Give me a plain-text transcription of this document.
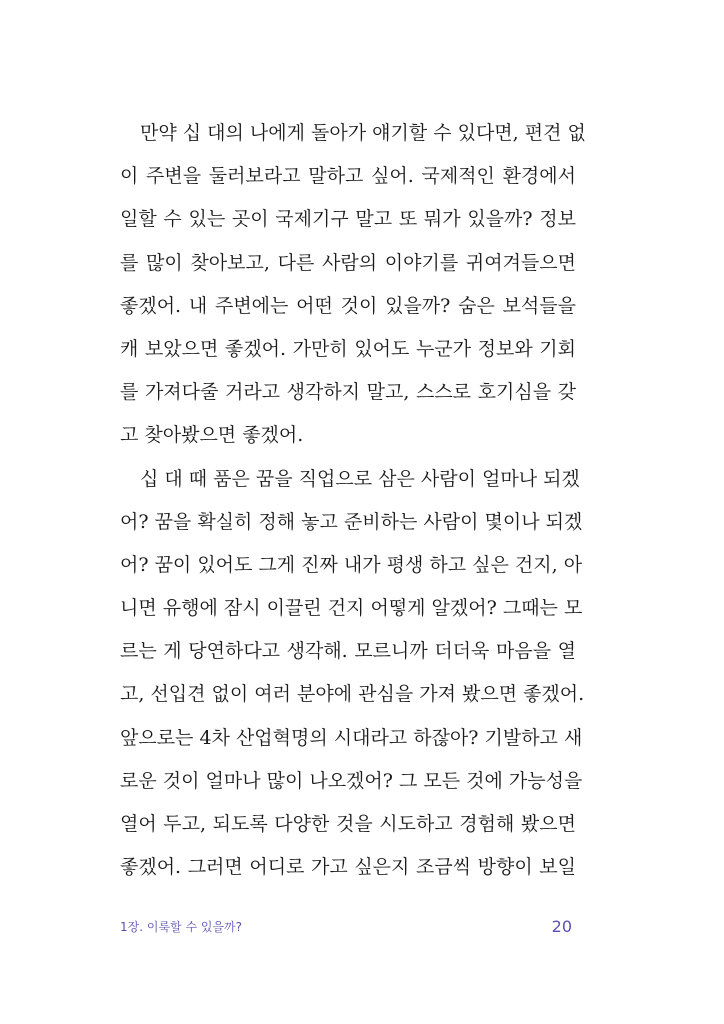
만약 십 대의 나에게 돌아가 얘기할 수 있다면, 편견 없
이 주변을 둘러보라고 말하고 싶어. 국제적인 환경에서
일할 수 있는 곳이 국제기구 말고 또 뭐가 있을까? 정보
를 많이 찾아보고, 다른 사람의 이야기를 귀여겨들으면
좋겠어. 내 주변에는 어떤 것이 있을까? 숨은 보석들을
캐 보았으면 좋겠어. 가만히 있어도 누군가 정보와 기회
를 가져다줄 거라고 생각하지 말고, 스스로 호기심을 갖
고 찾아봤으면 좋겠어.
십 대 때 품은 꿈을 직업으로 삼은 사람이 얼마나 되겠
어? 꿈을 확실히 정해 놓고 준비하는 사람이 몇이나 되겠
어? 꿈이 있어도 그게 진짜 내가 평생 하고 싶은 건지, 아
니면 유행에 잠시 이끌린 건지 어떻게 알겠어? 그때는 모
르는 게 당연하다고 생각해. 모르니까 더더욱 마음을 열
고, 선입견 없이 여러 분야에 관심을 가져 봤으면 좋겠어.
앞으로는 4차 산업혁명의 시대라고 하잖아? 기발하고 새
로운 것이 얼마나 많이 나오겠어? 그 모든 것에 가능성을
열어 두고, 되도록 다양한 것을 시도하고 경험해 봤으면
좋겠어. 그러면 어디로 가고 싶은지 조금씩 방향이 보일
1장. 이룩할 수 있을까?	20
